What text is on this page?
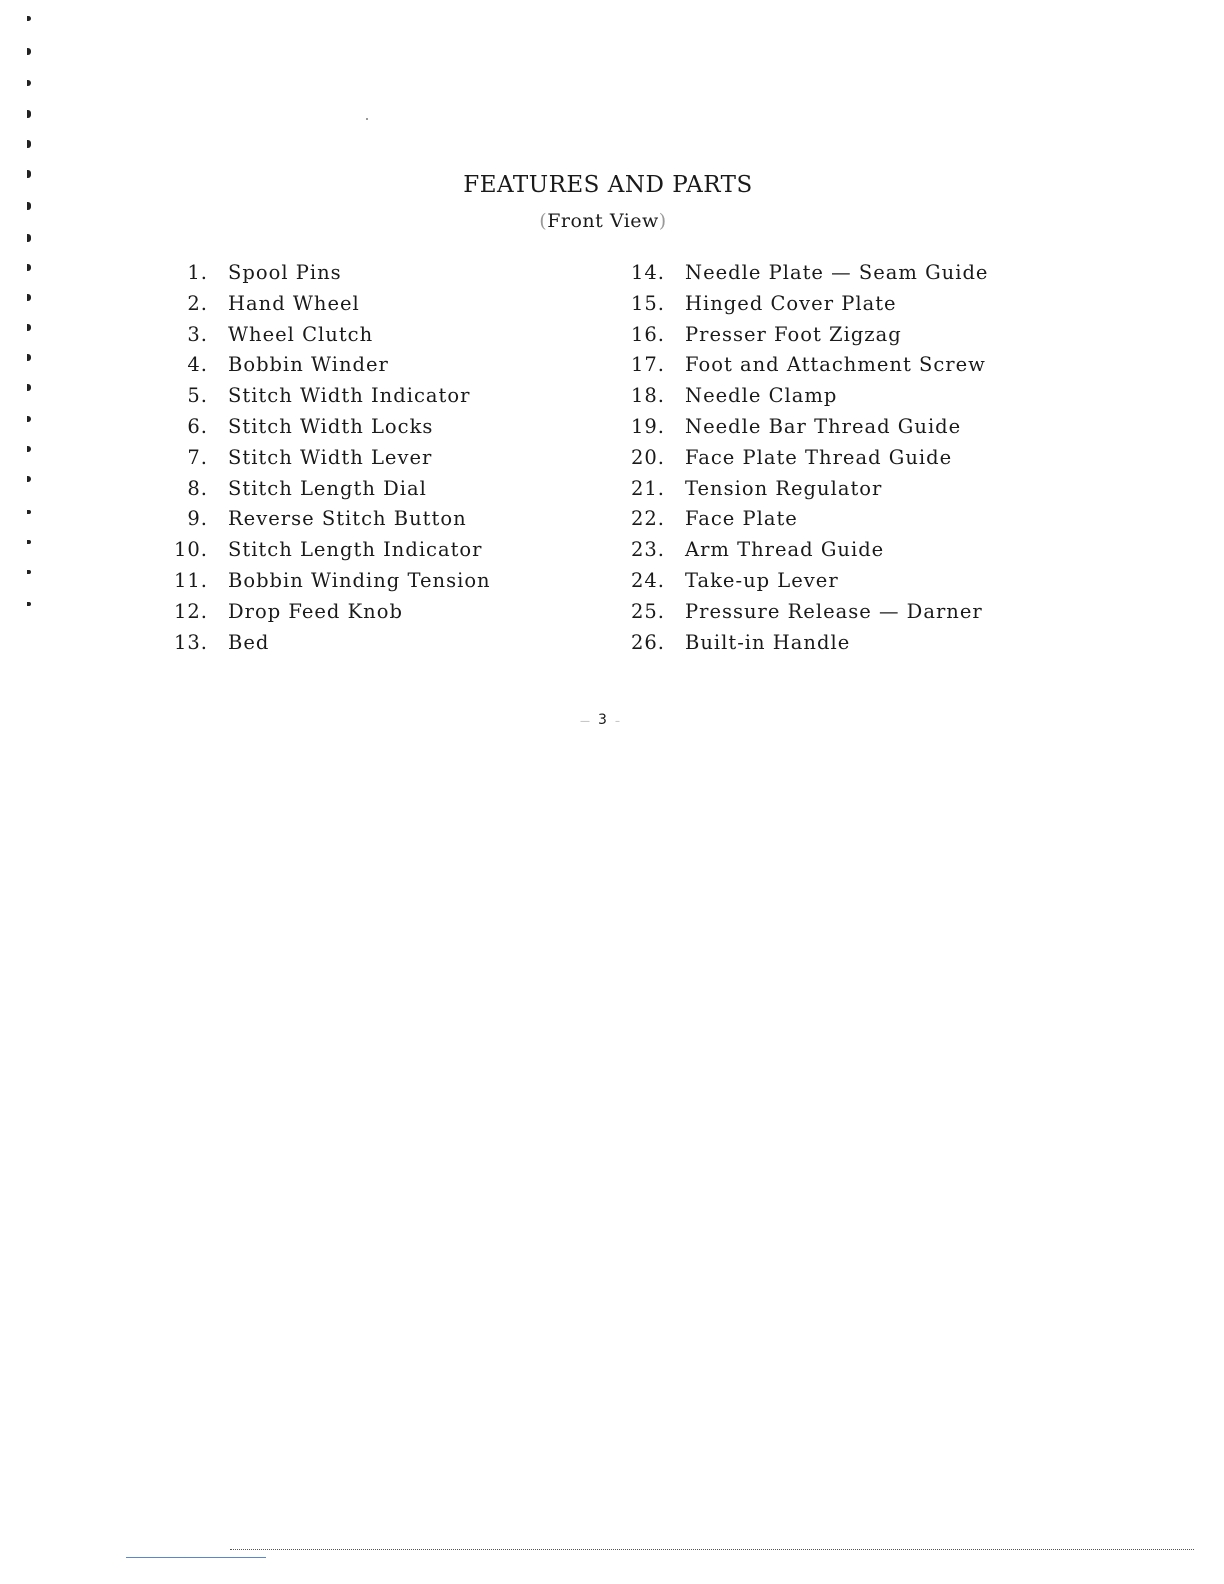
FEATURES AND PARTS
(Front View)
1. Spool Pins
2. Hand Wheel
3. Wheel Clutch
4. Bobbin Winder
5. Stitch Width Indicator
6. Stitch Width Locks
7. Stitch Width Lever
8. Stitch Length Dial
9. Reverse Stitch Button
10. Stitch Length Indicator
11. Bobbin Winding Tension
12. Drop Feed Knob
13. Bed
14. Needle Plate — Seam Guide
15. Hinged Cover Plate
16. Presser Foot Zigzag
17. Foot and Attachment Screw
18. Needle Clamp
19. Needle Bar Thread Guide
20. Face Plate Thread Guide
21. Tension Regulator
22. Face Plate
23. Arm Thread Guide
24. Take-up Lever
25. Pressure Release — Darner
26. Built-in Handle
— 3 –
